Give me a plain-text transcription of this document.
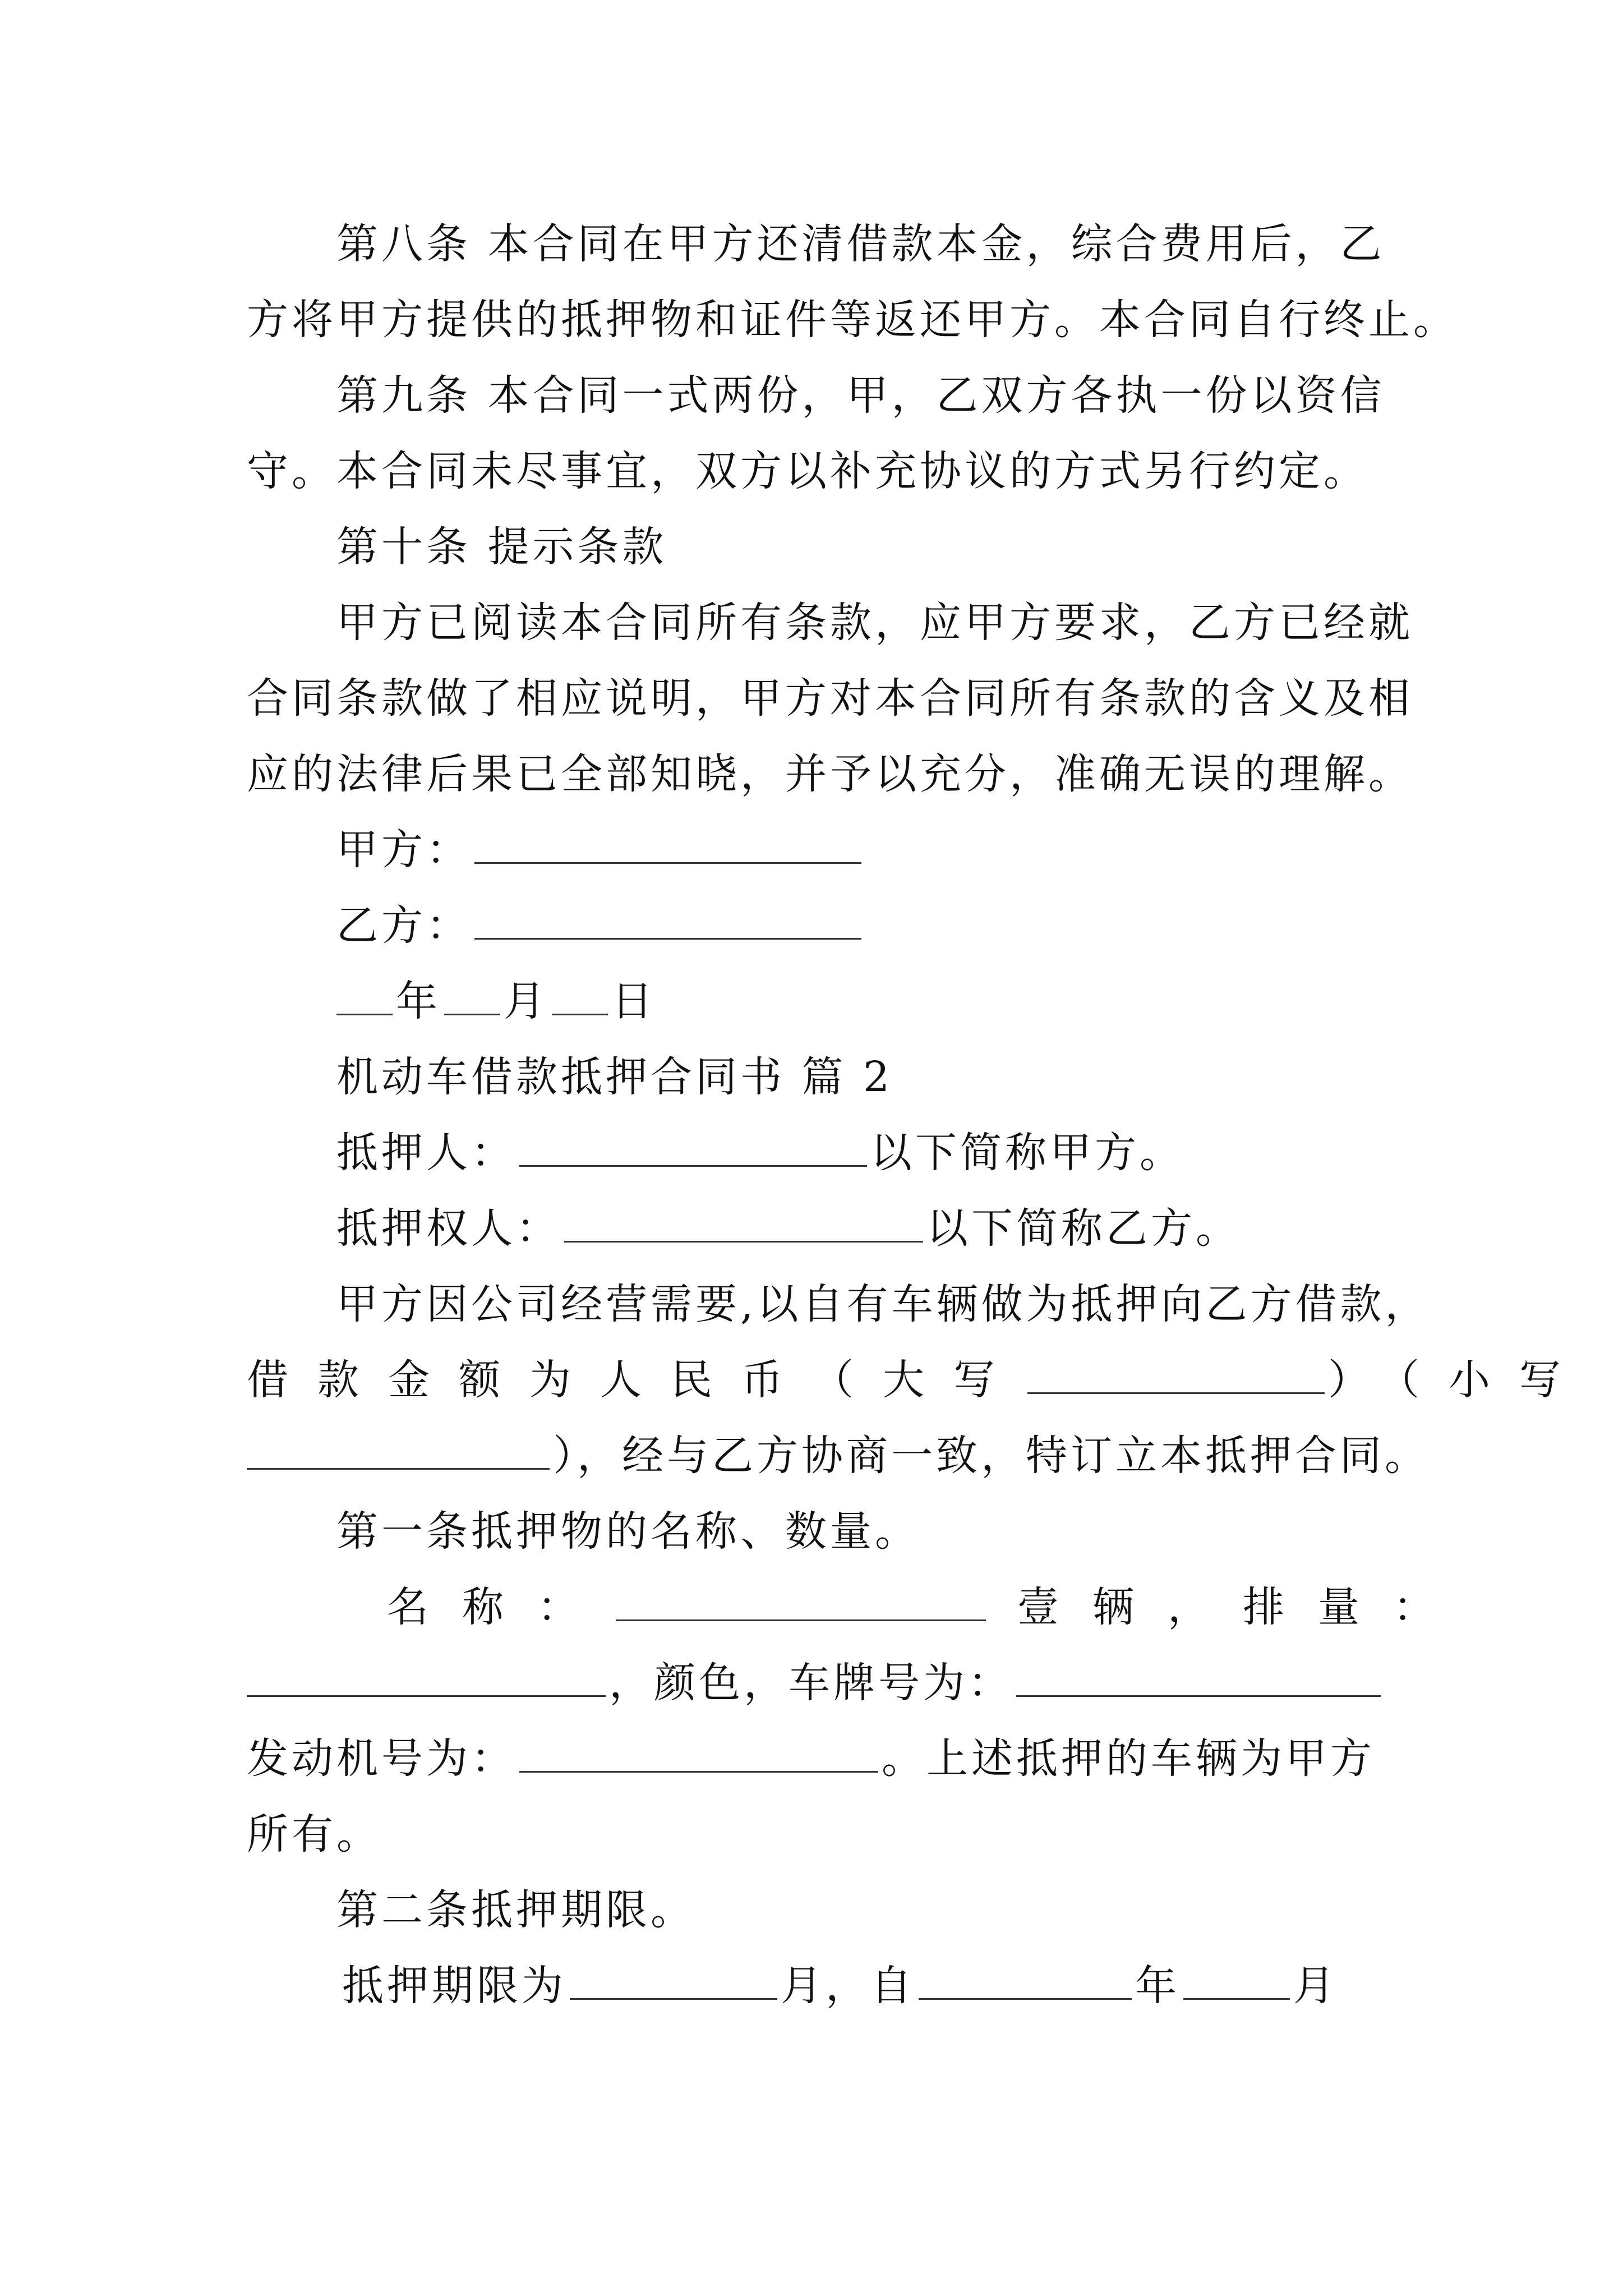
第八条 本合同在甲方还清借款本金，综合费用后，乙
方将甲方提供的抵押物和证件等返还甲方。本合同自行终止。
第九条 本合同一式两份，甲，乙双方各执一份以资信
守。本合同未尽事宜，双方以补充协议的方式另行约定。
第十条 提示条款
甲方已阅读本合同所有条款，应甲方要求，乙方已经就
合同条款做了相应说明，甲方对本合同所有条款的含义及相
应的法律后果已全部知晓，并予以充分，准确无误的理解。
甲方：
乙方：
年 月 日
机动车借款抵押合同书 篇 2
抵押人：	以下简称甲方。
抵押权人：	以下简称乙方。
甲方因公司经营需要,以自有车辆做为抵押向乙方借款，
借款金额为人民币（大写	）（小写
），经与乙方协商一致，特订立本抵押合同。
第一条抵押物的名称、数量。
名称：	壹辆，排量：
，颜色，车牌号为：
发动机号为：	。上述抵押的车辆为甲方
所有。
第二条抵押期限。
抵押期限为	月，自	年	月
